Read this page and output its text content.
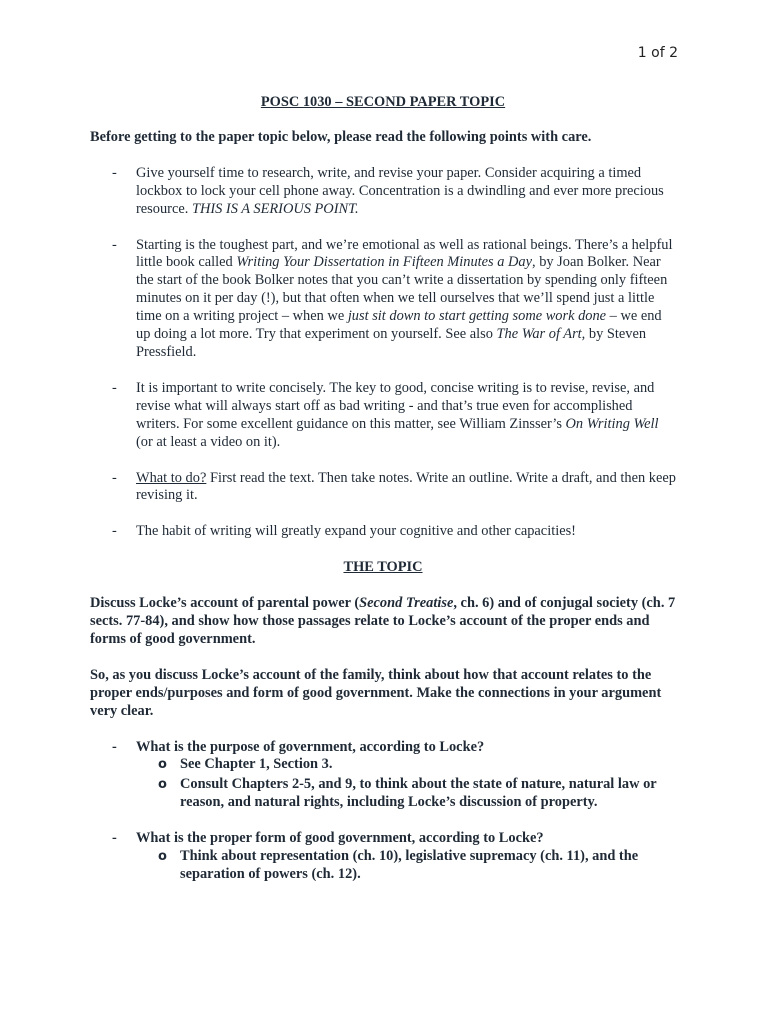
1 of 2

POSC 1030 – SECOND PAPER TOPIC

Before getting to the paper topic below, please read the following points with care.

- Give yourself time to research, write, and revise your paper. Consider acquiring a timed lockbox to lock your cell phone away. Concentration is a dwindling and ever more precious resource. THIS IS A SERIOUS POINT.
- Starting is the toughest part, and we’re emotional as well as rational beings. There’s a helpful little book called Writing Your Dissertation in Fifteen Minutes a Day, by Joan Bolker. Near the start of the book Bolker notes that you can’t write a dissertation by spending only fifteen minutes on it per day (!), but that often when we tell ourselves that we’ll spend just a little time on a writing project – when we just sit down to start getting some work done – we end up doing a lot more. Try that experiment on yourself. See also The War of Art, by Steven Pressfield.
- It is important to write concisely. The key to good, concise writing is to revise, revise, and revise what will always start off as bad writing - and that’s true even for accomplished writers. For some excellent guidance on this matter, see William Zinsser’s On Writing Well (or at least a video on it).
- What to do? First read the text. Then take notes. Write an outline. Write a draft, and then keep revising it.
- The habit of writing will greatly expand your cognitive and other capacities!

THE TOPIC

Discuss Locke’s account of parental power (Second Treatise, ch. 6) and of conjugal society (ch. 7 sects. 77-84), and show how those passages relate to Locke’s account of the proper ends and forms of good government.

So, as you discuss Locke’s account of the family, think about how that account relates to the proper ends/purposes and form of good government. Make the connections in your argument very clear.

- What is the purpose of government, according to Locke?
o See Chapter 1, Section 3.
o Consult Chapters 2-5, and 9, to think about the state of nature, natural law or reason, and natural rights, including Locke’s discussion of property.
- What is the proper form of good government, according to Locke?
o Think about representation (ch. 10), legislative supremacy (ch. 11), and the separation of powers (ch. 12).
